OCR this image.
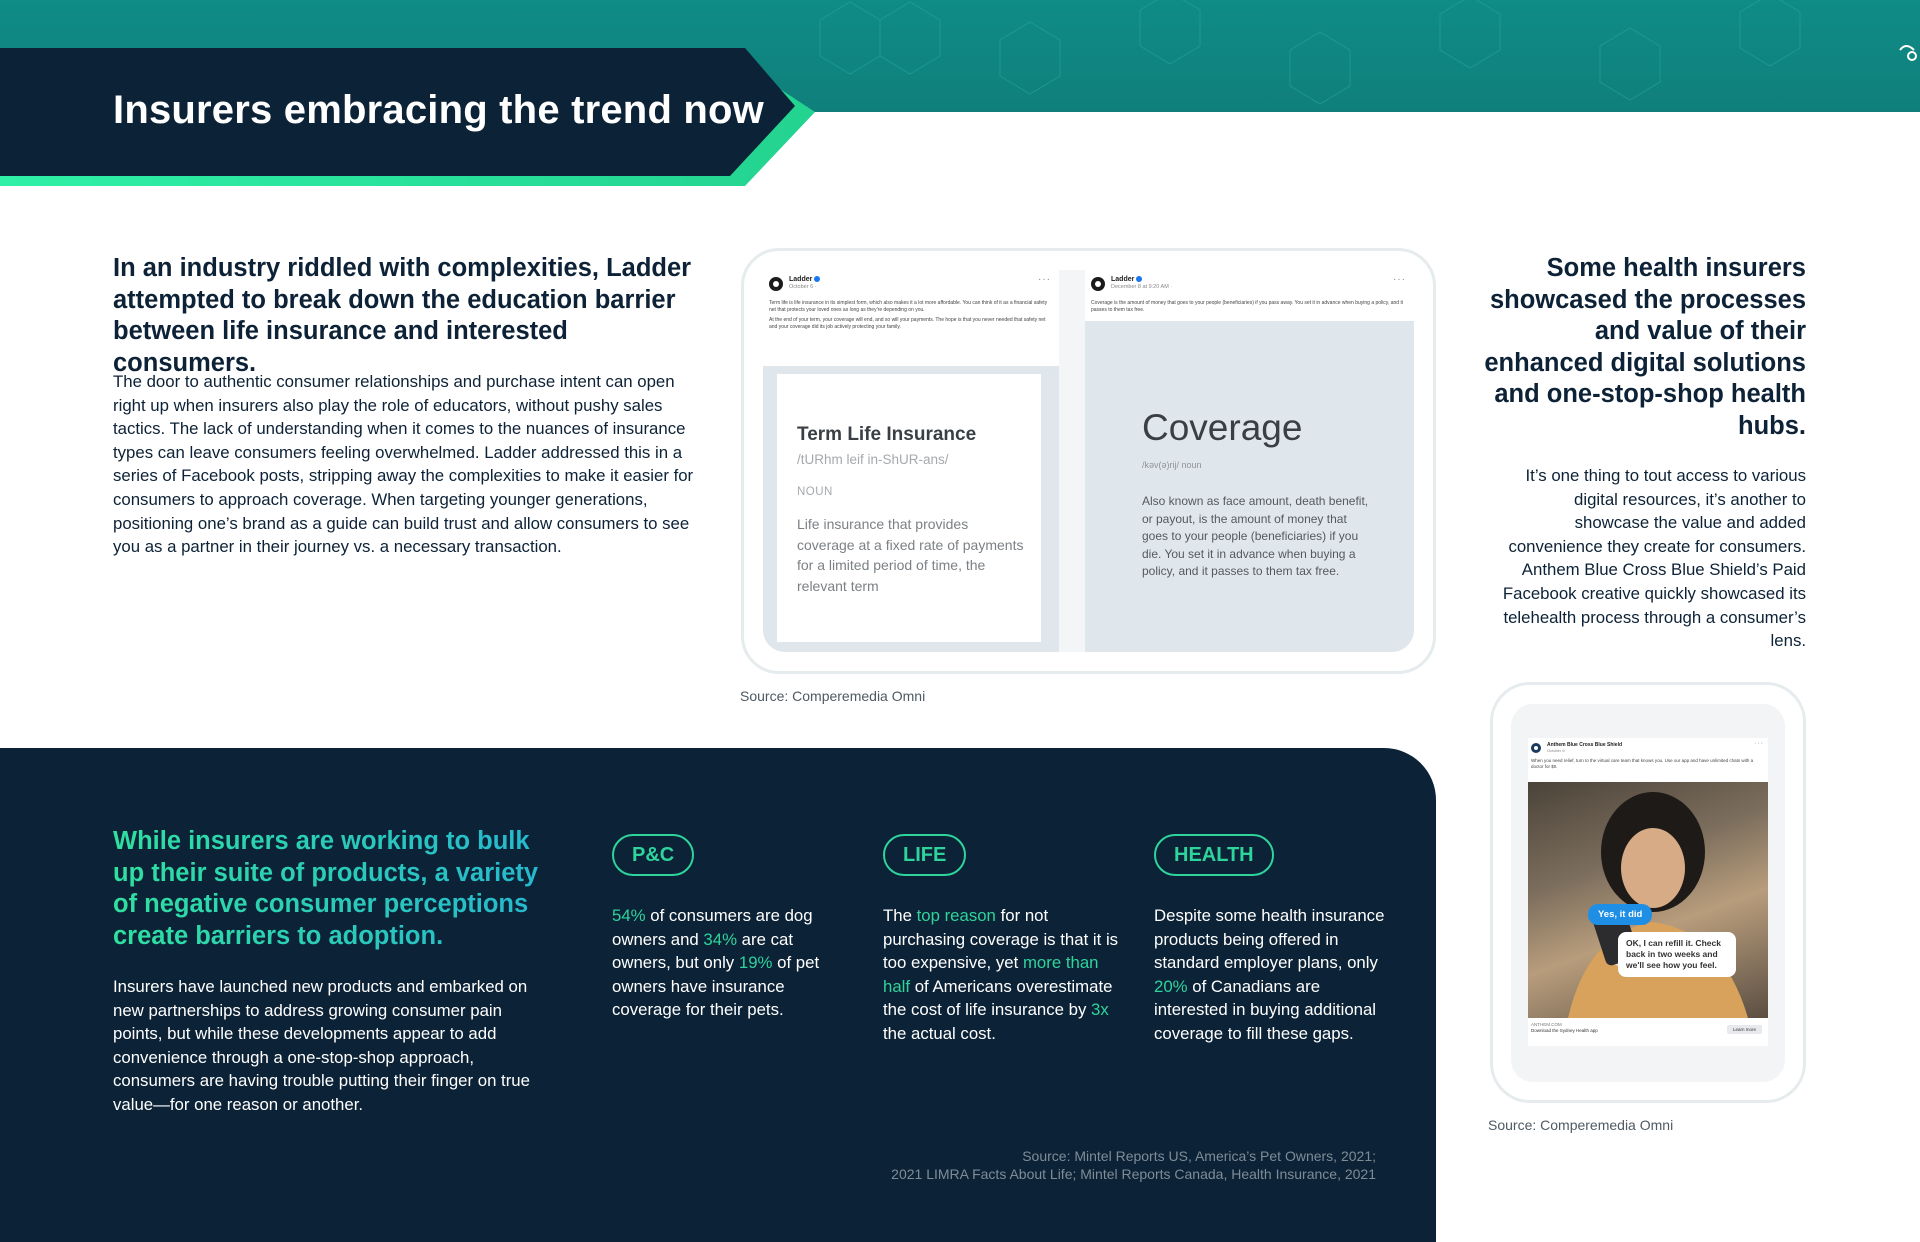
Insurers embracing the trend now
In an industry riddled with complexities, Ladder attempted to break down the education barrier between life insurance and interested consumers.
The door to authentic consumer relationships and purchase intent can open right up when insurers also play the role of educators, without pushy sales tactics. The lack of understanding when it comes to the nuances of insurance types can leave consumers feeling overwhelmed. Ladder addressed this in a series of Facebook posts, stripping away the complexities to make it easier for consumers to approach coverage. When targeting younger generations, positioning one’s brand as a guide can build trust and allow consumers to see you as a partner in their journey vs. a necessary transaction.
Ladder
October 6 ·
···
Term life is life insurance in its simplest form, which also makes it a lot more affordable. You can think of it as a financial safety net that protects your loved ones as long as they’re depending on you.
At the end of your term, your coverage will end, and so will your payments. The hope is that you never needed that safety net and your coverage did its job actively protecting your family.
Term Life Insurance
/tURhm leif in-ShUR-ans/
NOUN
Life insurance that provides coverage at a fixed rate of payments for a limited period of time, the relevant term
Ladder
December 8 at 9:20 AM ·
···
Coverage is the amount of money that goes to your people (beneficiaries) if you pass away. You set it in advance when buying a policy, and it passes to them tax free.
Coverage
/kəv(ə)rij/ noun
Also known as face amount, death benefit, or payout, is the amount of money that goes to your people (beneficiaries) if you die. You set it in advance when buying a policy, and it passes to them tax free.
Source: Comperemedia Omni
Some health insurers showcased the processes and value of their enhanced digital solutions and one-stop-shop health hubs.
It’s one thing to tout access to various digital resources, it’s another to showcase the value and added convenience they create for consumers. Anthem Blue Cross Blue Shield’s Paid Facebook creative quickly showcased its telehealth process through a consumer’s lens.
Anthem Blue Cross Blue Shield
October 6 ·
···
When you need relief, turn to the virtual care team that knows you. Use our app and have unlimited chats with a doctor for $0.
Yes, it did
OK, I can refill it. Check back in two weeks and we'll see how you feel.
ANTHEM.COM
Download the Sydney Health app	Learn more
Source: Comperemedia Omni
While insurers are working to bulk up their suite of products, a variety of negative consumer perceptions create barriers to adoption.
Insurers have launched new products and embarked on new partnerships to address growing consumer pain points, but while these developments appear to add convenience through a one-stop-shop approach, consumers are having trouble putting their finger on true value—for one reason or another.
P&C
54% of consumers are dog owners and 34% are cat owners, but only 19% of pet owners have insurance coverage for their pets.
LIFE
The top reason for not purchasing coverage is that it is too expensive, yet more than half of Americans overestimate the cost of life insurance by 3x the actual cost.
HEALTH
Despite some health insurance products being offered in standard employer plans, only 20% of Canadians are interested in buying additional coverage to fill these gaps.
Source: Mintel Reports US, America’s Pet Owners, 2021;
2021 LIMRA Facts About Life; Mintel Reports Canada, Health Insurance, 2021
